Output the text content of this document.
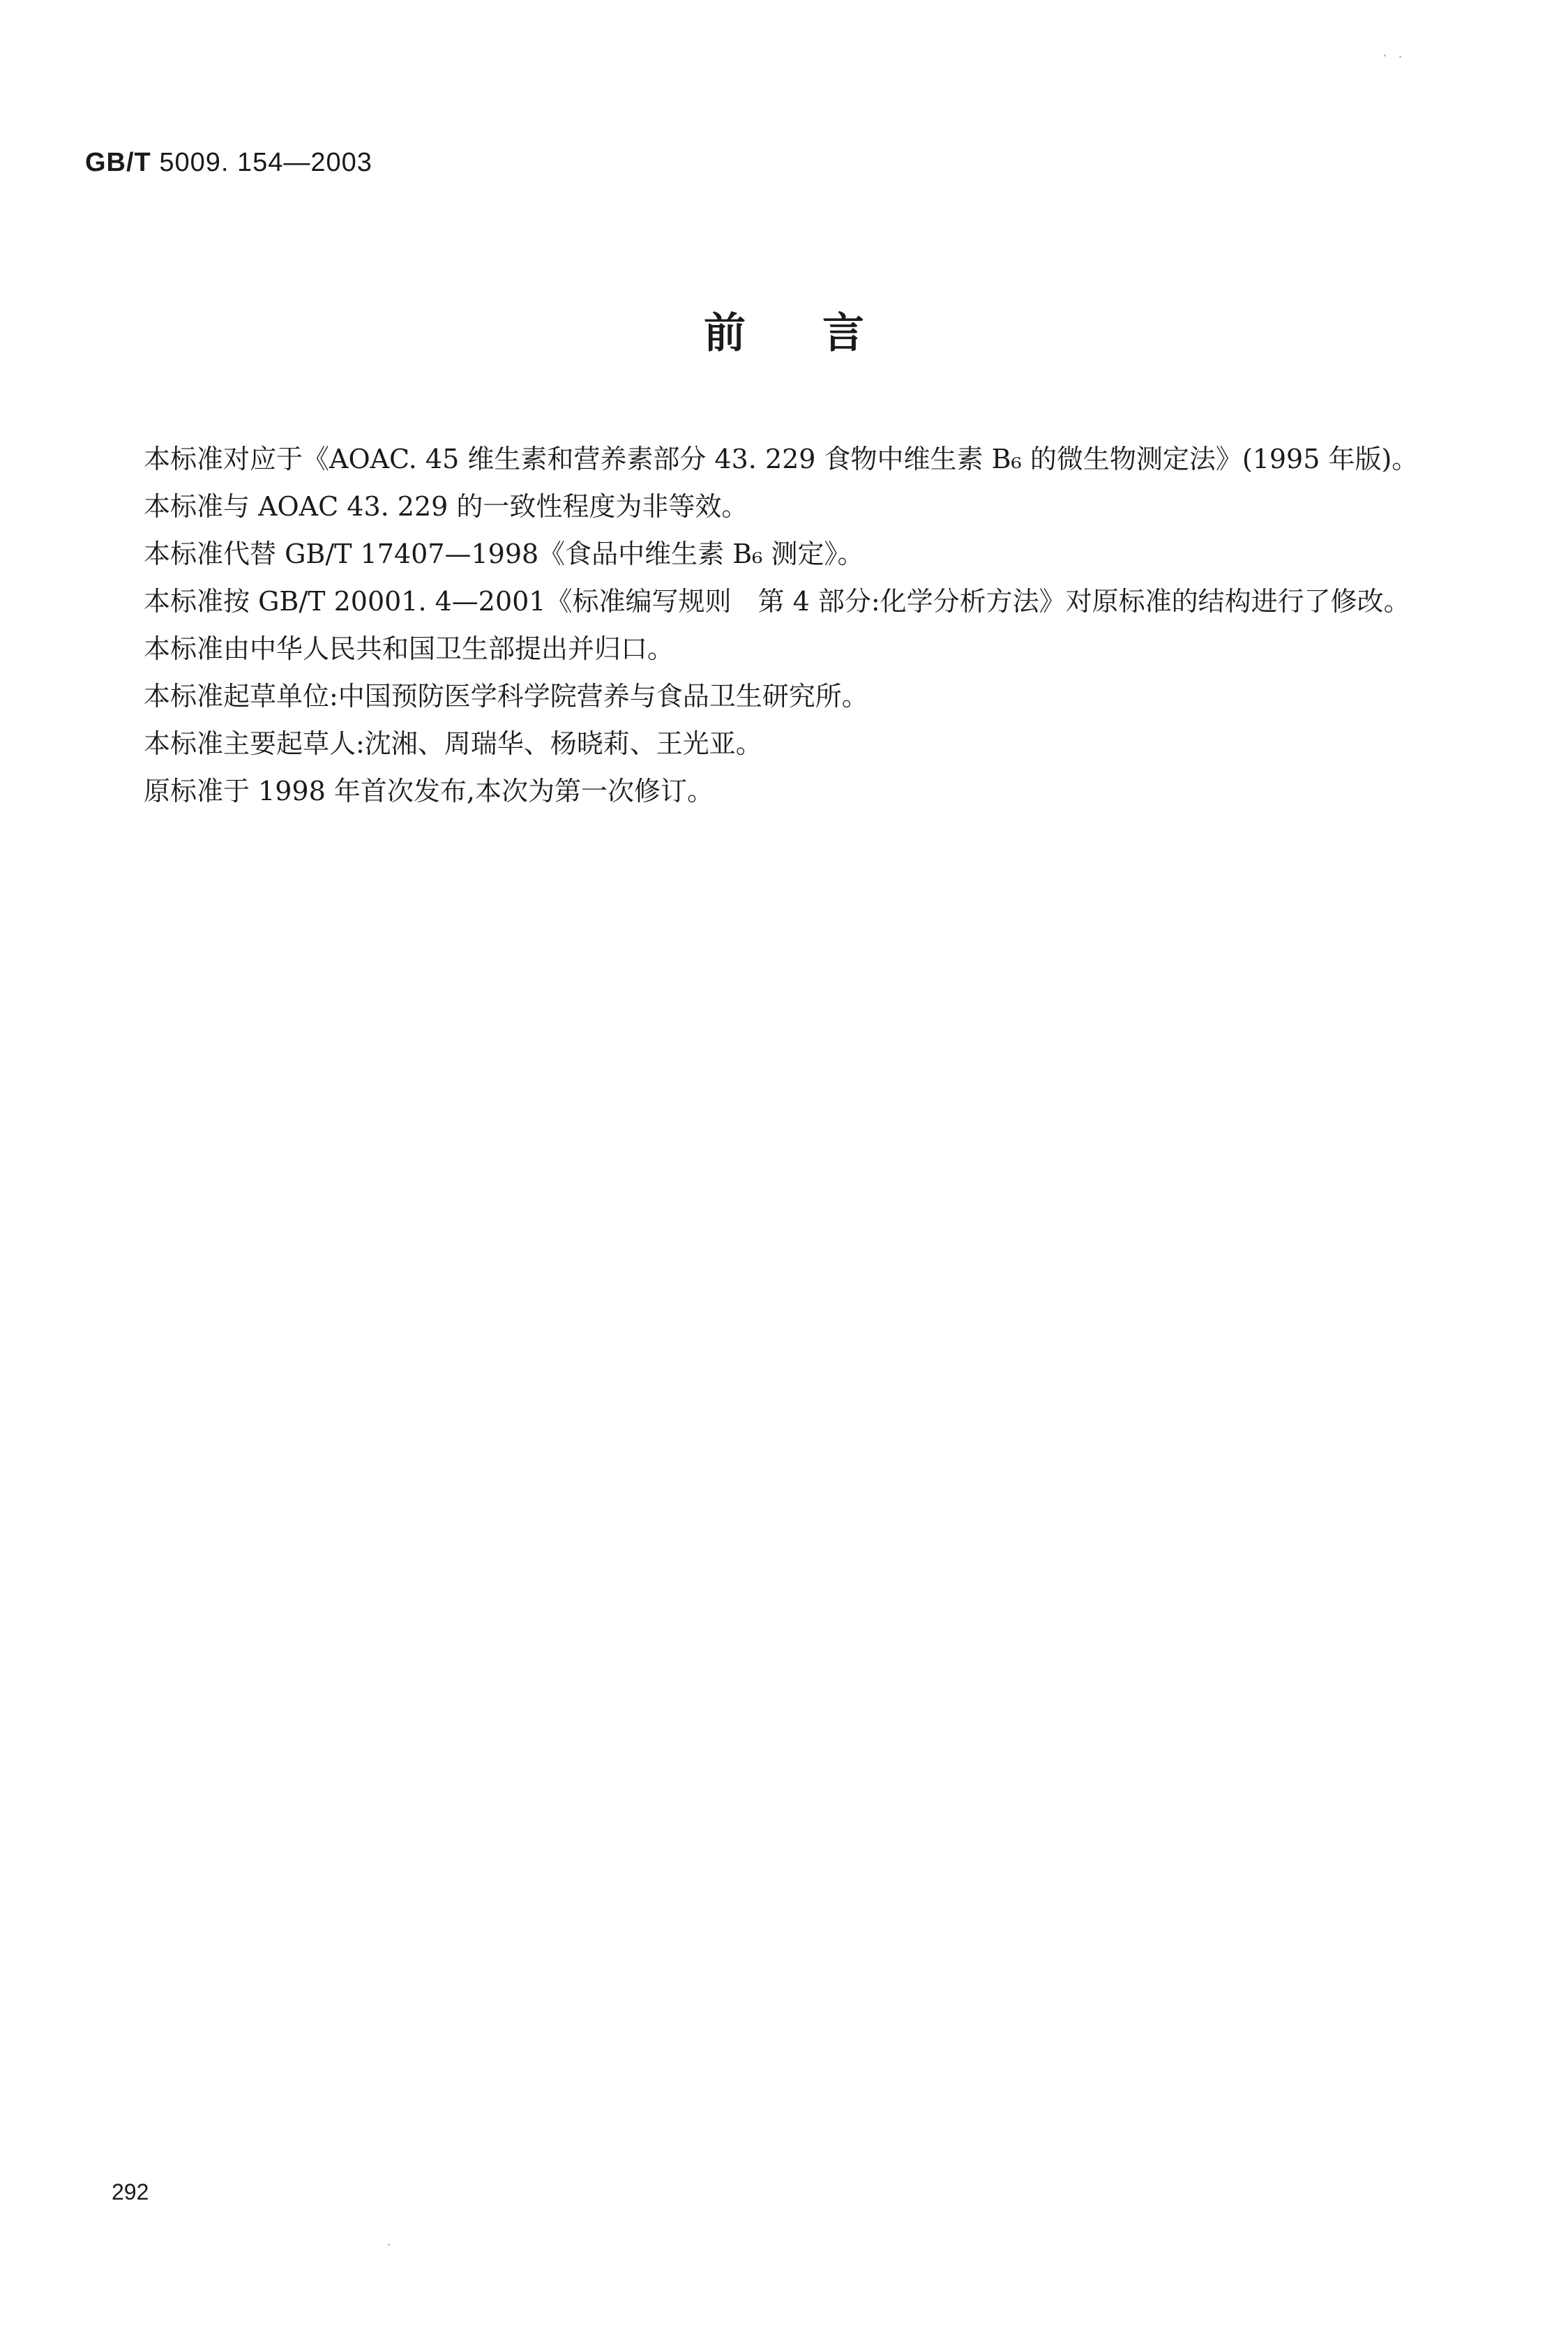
GB/T 5009. 154—2003
前言

本标准对应于《AOAC. 45 维生素和营养素部分 43. 229 食物中维生素 B₆ 的微生物测定法》(1995 年版)。

本标准与 AOAC 43. 229 的一致性程度为非等效。

本标准代替 GB/T 17407—1998《食品中维生素 B₆ 测定》。

本标准按 GB/T 20001. 4—2001《标准编写规则　第 4 部分:化学分析方法》对原标准的结构进行了修改。

本标准由中华人民共和国卫生部提出并归口。

本标准起草单位:中国预防医学科学院营养与食品卫生研究所。

本标准主要起草人:沈湘、周瑞华、杨晓莉、王光亚。

原标准于 1998 年首次发布,本次为第一次修订。

292
